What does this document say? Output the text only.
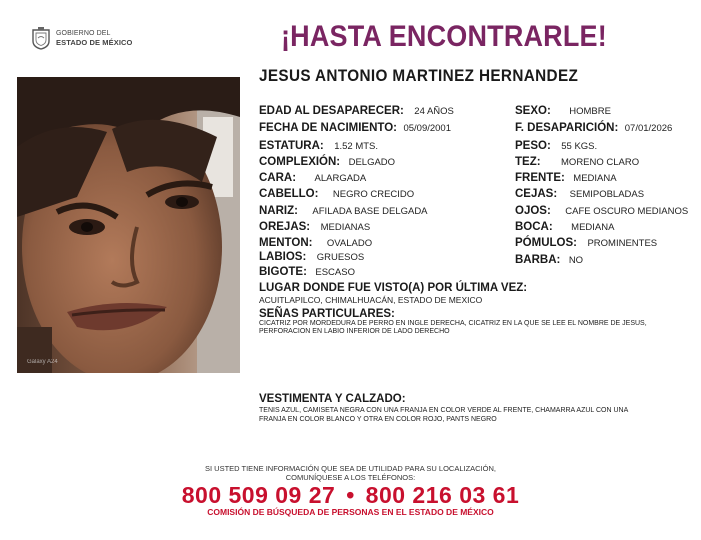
GOBIERNO DEL
ESTADO DE MÉXICO	¡HASTA ENCONTRARLE!
Galaxy A24
JESUS ANTONIO MARTINEZ HERNANDEZ
EDAD AL DESAPARECER: 24 AÑOS
FECHA DE NACIMIENTO: 05/09/2001
ESTATURA: 1.52 MTS.
COMPLEXIÓN: DELGADO
CARA: ALARGADA
CABELLO: NEGRO CRECIDO
NARIZ: AFILADA BASE DELGADA
OREJAS: MEDIANAS
MENTON: OVALADO
LABIOS: GRUESOS
BIGOTE: ESCASO
SEXO: HOMBRE
F. DESAPARICIÓN: 07/01/2026
PESO: 55 KGS.
TEZ: MORENO CLARO
FRENTE: MEDIANA
CEJAS: SEMIPOBLADAS
OJOS: CAFE OSCURO MEDIANOS
BOCA: MEDIANA
PÓMULOS: PROMINENTES
BARBA: NO
LUGAR DONDE FUE VISTO(A) POR ÚLTIMA VEZ:
ACUITLAPILCO, CHIMALHUACÁN, ESTADO DE MEXICO
SEÑAS PARTICULARES:
CICATRIZ POR MORDEDURA DE PERRO EN INGLE DERECHA, CICATRIZ EN LA QUE SE LEE EL NOMBRE DE JESUS,
PERFORACION EN LABIO INFERIOR DE LADO DERECHO
VESTIMENTA Y CALZADO:
TENIS AZUL, CAMISETA NEGRA CON UNA FRANJA EN COLOR VERDE AL FRENTE, CHAMARRA AZUL CON UNA
FRANJA EN COLOR BLANCO Y OTRA EN COLOR ROJO, PANTS NEGRO
SI USTED TIENE INFORMACIÓN QUE SEA DE UTILIDAD PARA SU LOCALIZACIÓN,
COMUNÍQUESE A LOS TELÉFONOS:
800 509 09 27 • 800 216 03 61
COMISIÓN DE BÚSQUEDA DE PERSONAS EN EL ESTADO DE MÉXICO
